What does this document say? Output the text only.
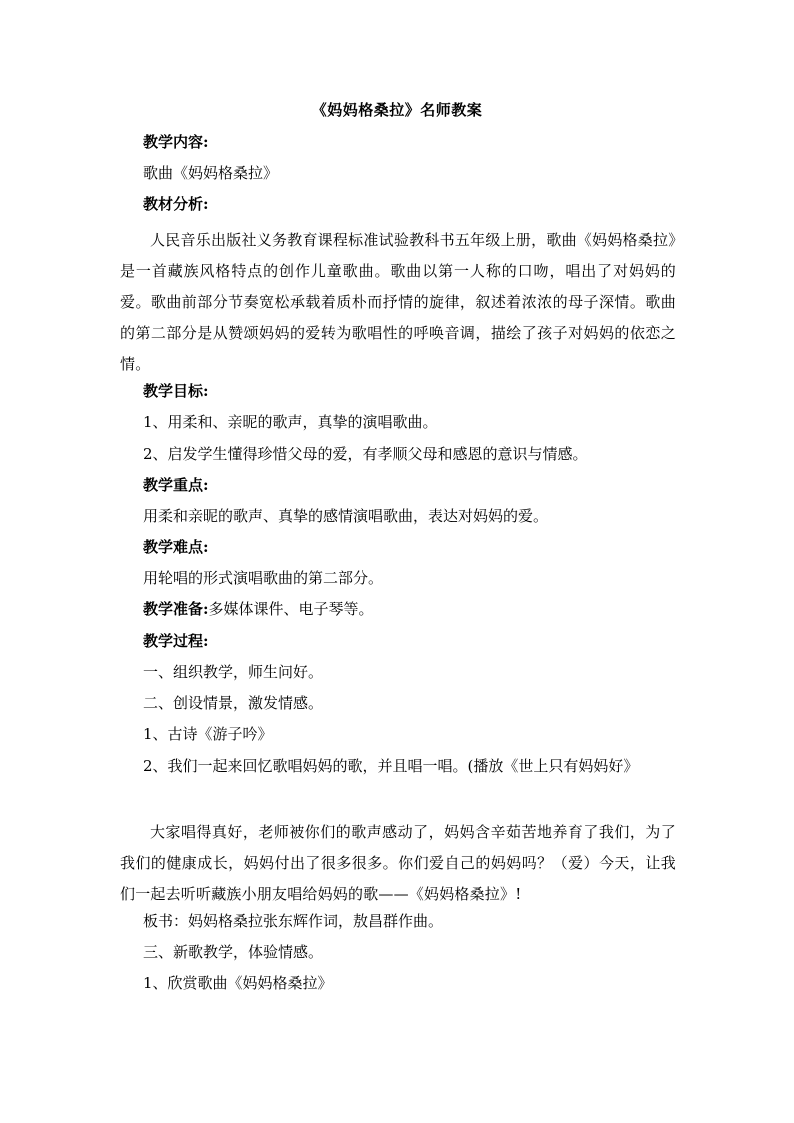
《妈妈格桑拉》名师教案
教学内容:
歌曲《妈妈格桑拉》
教材分析:
人民音乐出版社义务教育课程标准试验教科书五年级上册，歌曲《妈妈格桑拉》是一首藏族风格特点的创作儿童歌曲。歌曲以第一人称的口吻，唱出了对妈妈的爱。歌曲前部分节奏宽松承载着质朴而抒情的旋律，叙述着浓浓的母子深情。歌曲的第二部分是从赞颂妈妈的爱转为歌唱性的呼唤音调，描绘了孩子对妈妈的依恋之情。
教学目标:
1、用柔和、亲昵的歌声，真挚的演唱歌曲。
2、启发学生懂得珍惜父母的爱，有孝顺父母和感恩的意识与情感。
教学重点:
用柔和亲昵的歌声、真挚的感情演唱歌曲，表达对妈妈的爱。
教学难点:
用轮唱的形式演唱歌曲的第二部分。
教学准备:多媒体课件、电子琴等。
教学过程:
一、组织教学，师生问好。
二、创设情景，激发情感。
1、古诗《游子吟》
2、我们一起来回忆歌唱妈妈的歌，并且唱一唱。(播放《世上只有妈妈好》
大家唱得真好，老师被你们的歌声感动了，妈妈含辛茹苦地养育了我们，为了我们的健康成长，妈妈付出了很多很多。你们爱自己的妈妈吗？（爱）今天，让我们一起去听听藏族小朋友唱给妈妈的歌——《妈妈格桑拉》!
板书：妈妈格桑拉张东辉作词，敖昌群作曲。
三、新歌教学，体验情感。
1、欣赏歌曲《妈妈格桑拉》
